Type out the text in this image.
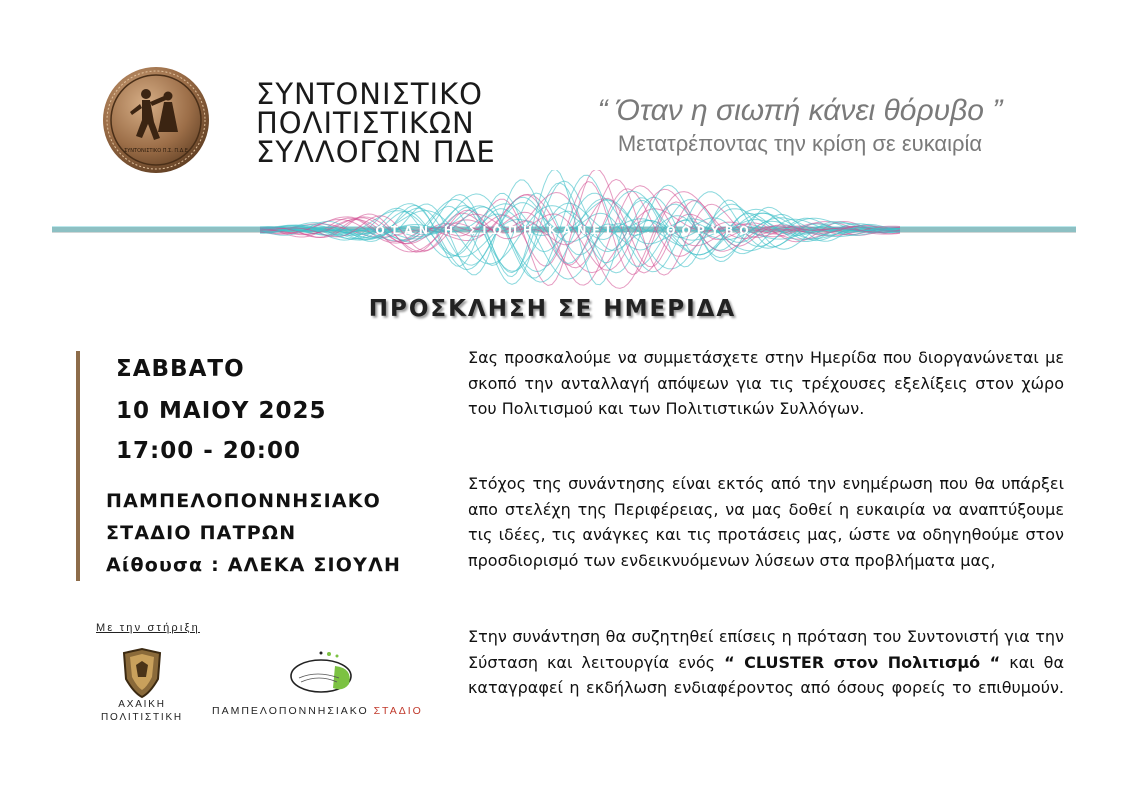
ΣΥΝΤΟΝΙΣΤΙΚΟ Π.Σ. Π.Δ.Ε
ΣΥΝΤΟΝΙΣΤΙΚΟ
ΠΟΛΙΤΙΣΤΙΚΩΝ
ΣΥΛΛΟΓΩΝ ΠΔΕ
“ Όταν η σιωπή κάνει θόρυβο ”
Μετατρέποντας την κρίση σε ευκαιρία
ΟΤΑΝ Η ΣΙΩΠΗ ΚΑΝΕΙ ... ΘΟΡΥΒΟ
ΠΡΟΣΚΛΗΣΗ ΣΕ ΗΜΕΡΙΔΑ
ΣΑΒΒΑΤΟ
10 ΜΑΙΟΥ 2025
17:00 - 20:00
ΠΑΜΠΕΛΟΠΟΝΝΗΣΙΑΚΟ
ΣΤΑΔΙΟ ΠΑΤΡΩΝ
Αίθουσα : ΑΛΕΚΑ ΣΙΟΥΛΗ
Με την στήριξη
ΑΧΑΙΚΗ
ΠΟΛΙΤΙΣΤΙΚΗ
ΠΑΜΠΕΛΟΠΟΝΝΗΣΙΑΚΟ ΣΤΑΔΙΟ
Σας προσκαλούμε να συμμετάσχετε στην Ημερίδα που διοργανώνεται με σκοπό την ανταλλαγή απόψεων για τις τρέχουσες εξελίξεις στον χώρο του Πολιτισμού και των Πολιτιστικών Συλλόγων.
Στόχος της συνάντησης είναι εκτός από την ενημέρωση που θα υπάρξει απο στελέχη της Περιφέρειας, να μας δοθεί η ευκαιρία να αναπτύξουμε τις ιδέες, τις ανάγκες και τις προτάσεις μας, ώστε να οδηγηθούμε στον προσδιορισμό των ενδεικνυόμενων λύσεων στα προβλήματα μας,
Στην συνάντηση θα συζητηθεί επίσεις η πρόταση του Συντονιστή για την Σύσταση και λειτουργία ενός “ CLUSTER στον Πολιτισμό “ και θα καταγραφεί η εκδήλωση ενδιαφέροντος από όσους φορείς το επιθυμούν.
